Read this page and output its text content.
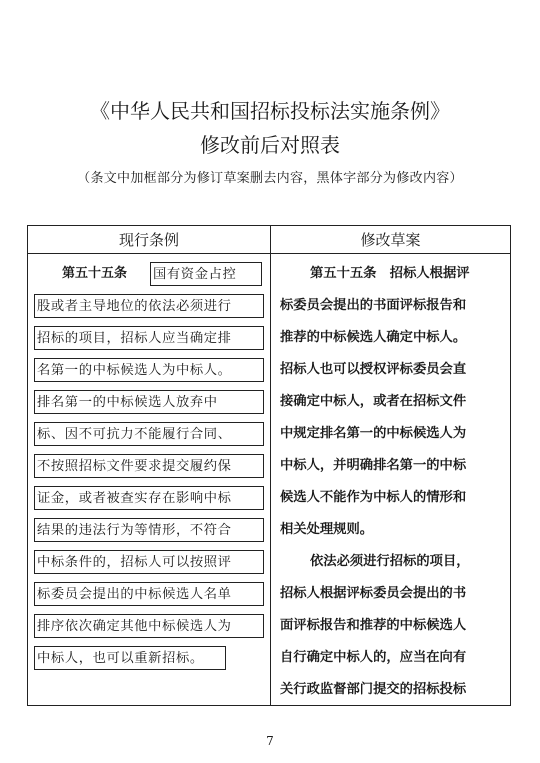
《中华人民共和国招标投标法实施条例》
修改前后对照表
（条文中加框部分为修订草案删去内容，黑体字部分为修改内容）
现行条例	修改草案
第五十五条 国有资金占控
股或者主导地位的依法必须进行
招标的项目，招标人应当确定排
名第一的中标候选人为中标人。
排名第一的中标候选人放弃中
标、因不可抗力不能履行合同、
不按照招标文件要求提交履约保
证金，或者被查实存在影响中标
结果的违法行为等情形，不符合
中标条件的，招标人可以按照评
标委员会提出的中标候选人名单
排序依次确定其他中标候选人为
中标人，也可以重新招标。
第五十五条　招标人根据评
标委员会提出的书面评标报告和
推荐的中标候选人确定中标人。
招标人也可以授权评标委员会直
接确定中标人，或者在招标文件
中规定排名第一的中标候选人为
中标人，并明确排名第一的中标
候选人不能作为中标人的情形和
相关处理规则。
依法必须进行招标的项目，
招标人根据评标委员会提出的书
面评标报告和推荐的中标候选人
自行确定中标人的，应当在向有
关行政监督部门提交的招标投标
7
